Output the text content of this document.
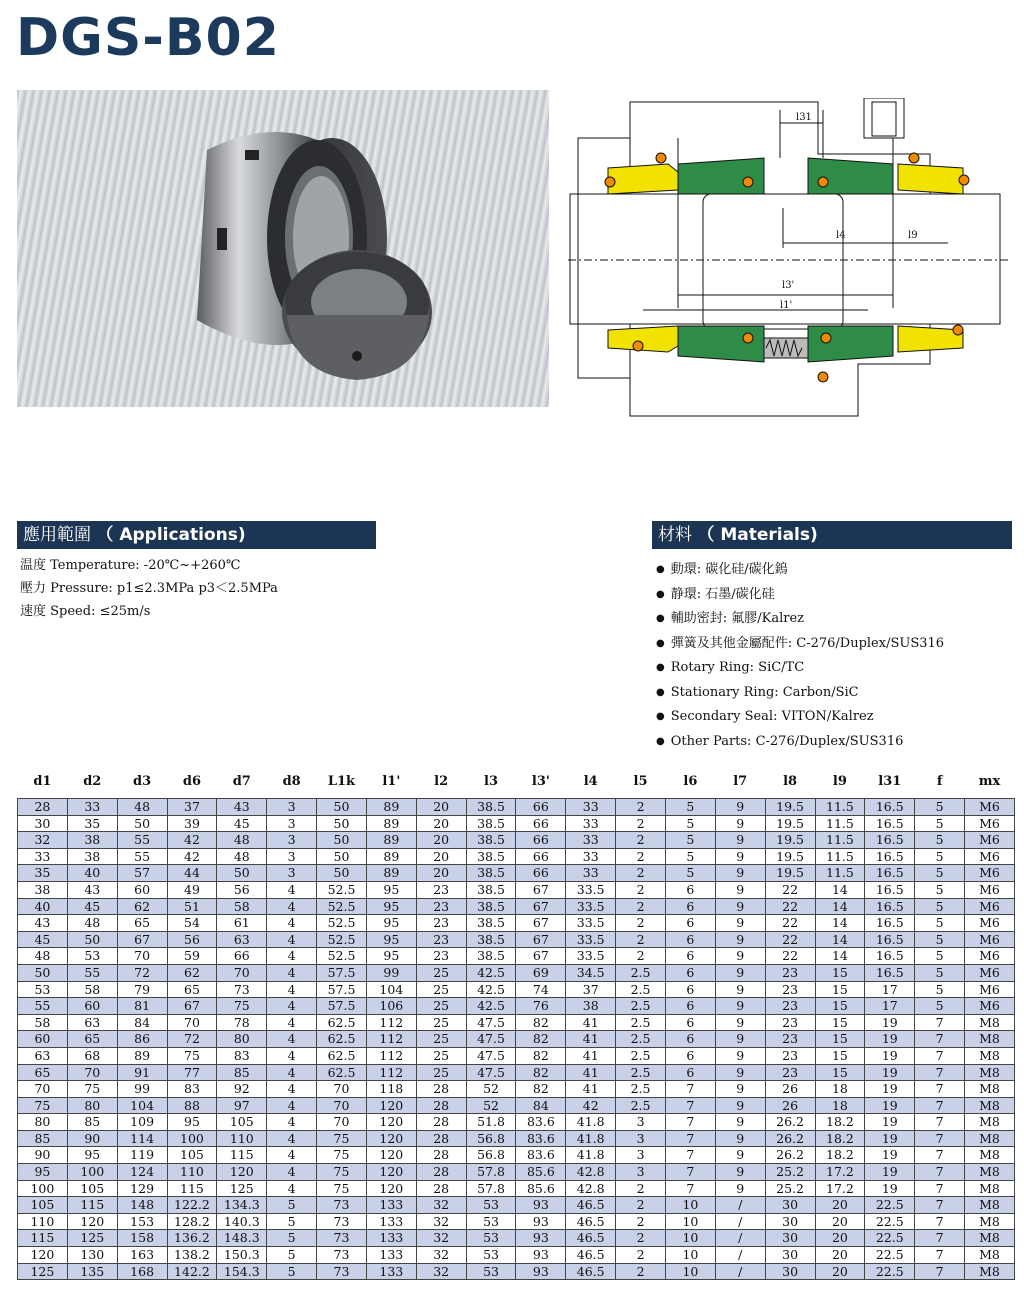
DGS-B02
l31
l4	l9
l3'
l1'
應用範圍 （ Applications)
温度 Temperature: -20℃~+260℃
壓力 Pressure: p1≤2.3MPa p3＜2.5MPa
速度 Speed: ≤25m/s
材料 （ Materials)
● 動環: 碳化硅/碳化鎢
● 静環: 石墨/碳化硅
● 輔助密封: 氟膠/Kalrez
● 彈簧及其他金屬配件: C-276/Duplex/SUS316
● Rotary Ring: SiC/TC
● Stationary Ring: Carbon/SiC
● Secondary Seal: VITON/Kalrez
● Other Parts: C-276/Duplex/SUS316
d1	d2	d3	d6	d7	d8	L1k	l1'	l2	l3	l3'	l4	l5	l6	l7	l8	l9	l31	f	mx
28	33	48	37	43	3	50	89	20	38.5	66	33	2	5	9	19.5	11.5	16.5	5	M6
30	35	50	39	45	3	50	89	20	38.5	66	33	2	5	9	19.5	11.5	16.5	5	M6
32	38	55	42	48	3	50	89	20	38.5	66	33	2	5	9	19.5	11.5	16.5	5	M6
33	38	55	42	48	3	50	89	20	38.5	66	33	2	5	9	19.5	11.5	16.5	5	M6
35	40	57	44	50	3	50	89	20	38.5	66	33	2	5	9	19.5	11.5	16.5	5	M6
38	43	60	49	56	4	52.5	95	23	38.5	67	33.5	2	6	9	22	14	16.5	5	M6
40	45	62	51	58	4	52.5	95	23	38.5	67	33.5	2	6	9	22	14	16.5	5	M6
43	48	65	54	61	4	52.5	95	23	38.5	67	33.5	2	6	9	22	14	16.5	5	M6
45	50	67	56	63	4	52.5	95	23	38.5	67	33.5	2	6	9	22	14	16.5	5	M6
48	53	70	59	66	4	52.5	95	23	38.5	67	33.5	2	6	9	22	14	16.5	5	M6
50	55	72	62	70	4	57.5	99	25	42.5	69	34.5	2.5	6	9	23	15	16.5	5	M6
53	58	79	65	73	4	57.5	104	25	42.5	74	37	2.5	6	9	23	15	17	5	M6
55	60	81	67	75	4	57.5	106	25	42.5	76	38	2.5	6	9	23	15	17	5	M6
58	63	84	70	78	4	62.5	112	25	47.5	82	41	2.5	6	9	23	15	19	7	M8
60	65	86	72	80	4	62.5	112	25	47.5	82	41	2.5	6	9	23	15	19	7	M8
63	68	89	75	83	4	62.5	112	25	47.5	82	41	2.5	6	9	23	15	19	7	M8
65	70	91	77	85	4	62.5	112	25	47.5	82	41	2.5	6	9	23	15	19	7	M8
70	75	99	83	92	4	70	118	28	52	82	41	2.5	7	9	26	18	19	7	M8
75	80	104	88	97	4	70	120	28	52	84	42	2.5	7	9	26	18	19	7	M8
80	85	109	95	105	4	70	120	28	51.8	83.6	41.8	3	7	9	26.2	18.2	19	7	M8
85	90	114	100	110	4	75	120	28	56.8	83.6	41.8	3	7	9	26.2	18.2	19	7	M8
90	95	119	105	115	4	75	120	28	56.8	83.6	41.8	3	7	9	26.2	18.2	19	7	M8
95	100	124	110	120	4	75	120	28	57.8	85.6	42.8	3	7	9	25.2	17.2	19	7	M8
100	105	129	115	125	4	75	120	28	57.8	85.6	42.8	2	7	9	25.2	17.2	19	7	M8
105	115	148	122.2	134.3	5	73	133	32	53	93	46.5	2	10	/	30	20	22.5	7	M8
110	120	153	128.2	140.3	5	73	133	32	53	93	46.5	2	10	/	30	20	22.5	7	M8
115	125	158	136.2	148.3	5	73	133	32	53	93	46.5	2	10	/	30	20	22.5	7	M8
120	130	163	138.2	150.3	5	73	133	32	53	93	46.5	2	10	/	30	20	22.5	7	M8
125	135	168	142.2	154.3	5	73	133	32	53	93	46.5	2	10	/	30	20	22.5	7	M8
